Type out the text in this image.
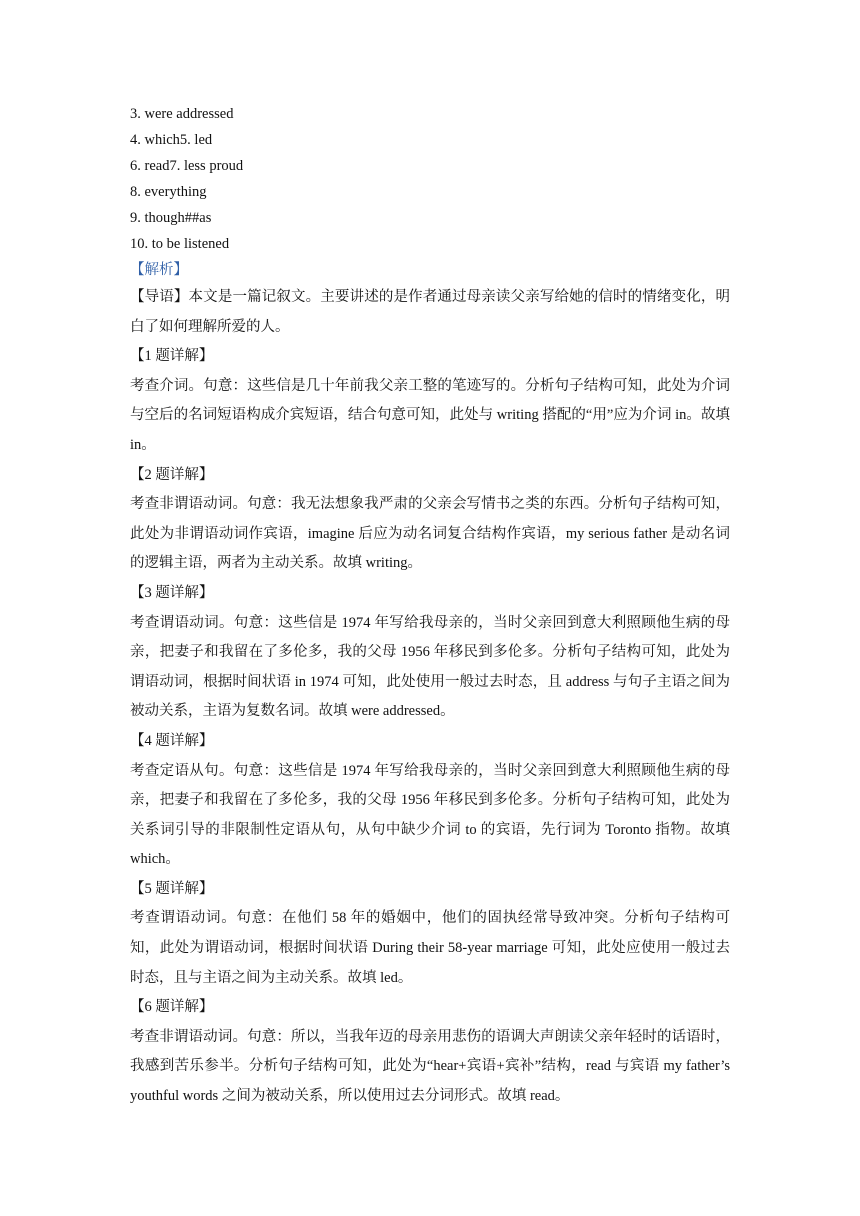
3. were addressed
4. which5. led
6. read7. less proud
8. everything
9. though##as
10. to be listened
【解析】

【导语】本文是一篇记叙文。主要讲述的是作者通过母亲读父亲写给她的信时的情绪变化，明白了如何理解所爱的人。

【1 题详解】

考查介词。句意：这些信是几十年前我父亲工整的笔迹写的。分析句子结构可知，此处为介词与空后的名词短语构成介宾短语，结合句意可知，此处与 writing 搭配的“用”应为介词 in。故填 in。

【2 题详解】

考查非谓语动词。句意：我无法想象我严肃的父亲会写情书之类的东西。分析句子结构可知，此处为非谓语动词作宾语，imagine 后应为动名词复合结构作宾语，my serious father 是动名词的逻辑主语，两者为主动关系。故填 writing。

【3 题详解】

考查谓语动词。句意：这些信是 1974 年写给我母亲的，当时父亲回到意大利照顾他生病的母亲，把妻子和我留在了多伦多，我的父母 1956 年移民到多伦多。分析句子结构可知，此处为谓语动词，根据时间状语 in 1974 可知，此处使用一般过去时态，且 address 与句子主语之间为被动关系，主语为复数名词。故填 were addressed。

【4 题详解】

考查定语从句。句意：这些信是 1974 年写给我母亲的，当时父亲回到意大利照顾他生病的母亲，把妻子和我留在了多伦多，我的父母 1956 年移民到多伦多。分析句子结构可知，此处为关系词引导的非限制性定语从句，从句中缺少介词 to 的宾语，先行词为 Toronto 指物。故填 which。

【5 题详解】

考查谓语动词。句意：在他们 58 年的婚姻中，他们的固执经常导致冲突。分析句子结构可知，此处为谓语动词，根据时间状语 During their 58-year marriage 可知，此处应使用一般过去时态，且与主语之间为主动关系。故填 led。

【6 题详解】

考查非谓语动词。句意：所以，当我年迈的母亲用悲伤的语调大声朗读父亲年轻时的话语时，我感到苦乐参半。分析句子结构可知，此处为“hear+宾语+宾补”结构，read 与宾语 my father’s youthful words 之间为被动关系，所以使用过去分词形式。故填 read。
